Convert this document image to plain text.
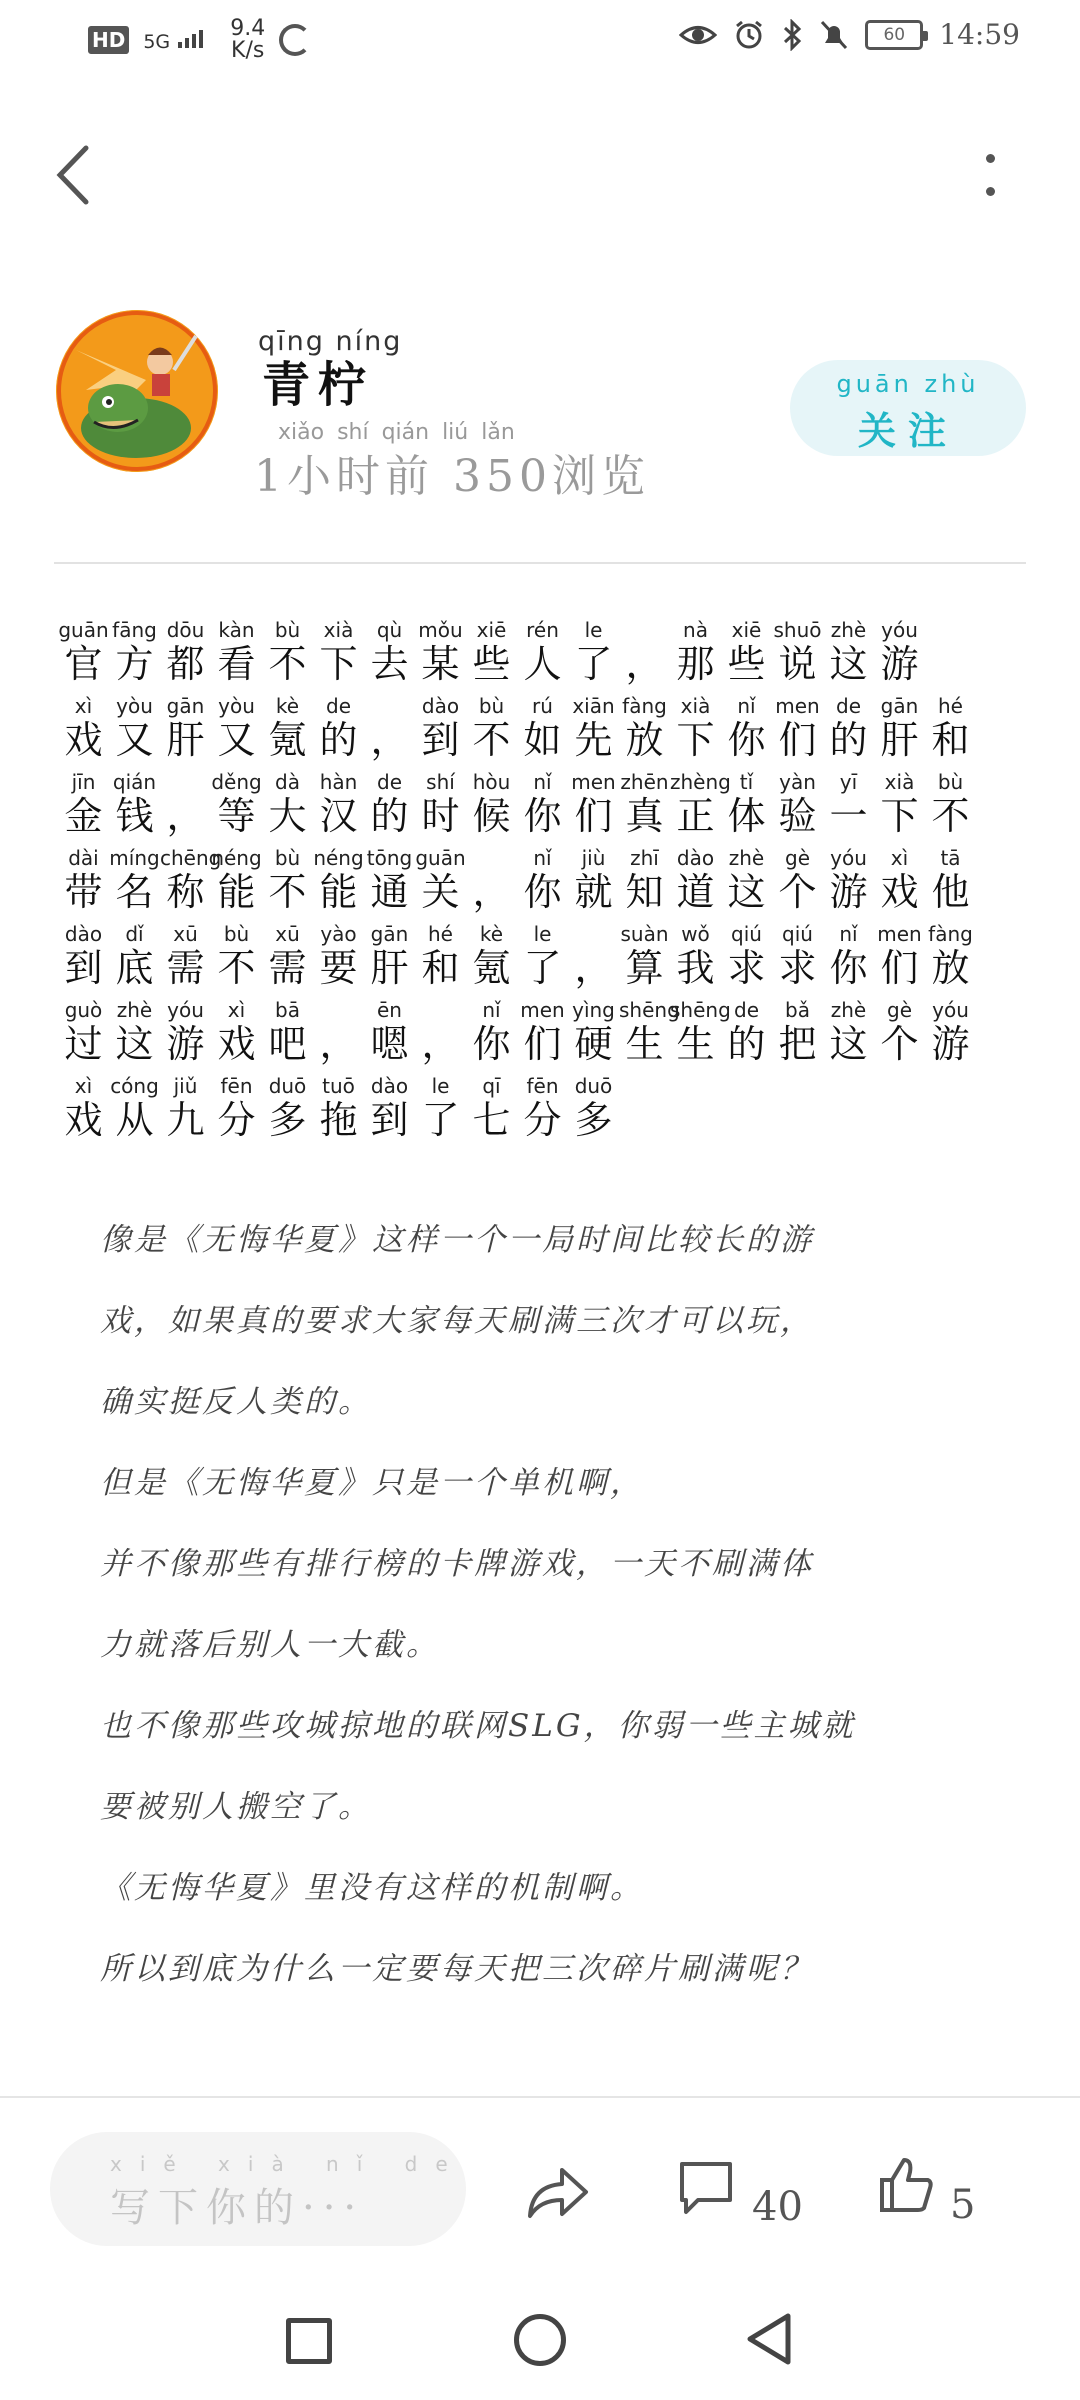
HD 5G
9.4
K/s
60	14:59
qīng níng
青柠
xiǎo shí qián liú lǎn
1小时前 350浏览
guān zhù
关注
guān
官
fāng
方
dōu
都
kàn
看
bù
不
xià
下
qù
去
mǒu
某
xiē
些
rén
人
le
了 ，
nà
那
xiē
些
shuō
说
zhè
这
yóu
游
xì
戏
yòu
又
gān
肝
yòu
又
kè
氪
de
的 ，
dào
到
bù
不
rú
如
xiān
先
fàng
放
xià
下
nǐ
你
men
们
de
的
gān
肝
hé
和
jīn
金
qián
钱 ，
děng
等
dà
大
hàn
汉
de
的
shí
时
hòu
候
nǐ
你
men
们
zhēn
真
zhèng
正
tǐ
体
yàn
验
yī
一
xià
下
bù
不
dài
带
míng
名
chēng
称
néng
能
bù
不
néng
能
tōng
通
guān
关 ，
nǐ
你
jiù
就
zhī
知
dào
道
zhè
这
gè
个
yóu
游
xì
戏
tā
他
dào
到
dǐ
底
xū
需
bù
不
xū
需
yào
要
gān
肝
hé
和
kè
氪
le
了 ，
suàn
算
wǒ
我
qiú
求
qiú
求
nǐ
你
men
们
fàng
放
guò
过
zhè
这
yóu
游
xì
戏
bā
吧 ，
ēn
嗯 ，
nǐ
你
men
们
yìng
硬
shēng
生
shēng
生
de
的
bǎ
把
zhè
这
gè
个
yóu
游
xì
戏
cóng
从
jiǔ
九
fēn
分
duō
多
tuō
拖
dào
到
le
了
qī
七
fēn
分
duō
多
像是《无悔华夏》这样一个一局时间比较长的游
戏，如果真的要求大家每天刷满三次才可以玩，
确实挺反人类的。
但是《无悔华夏》只是一个单机啊，
并不像那些有排行榜的卡牌游戏，一天不刷满体
力就落后别人一大截。
也不像那些攻城掠地的联网SLG，你弱一些主城就
要被别人搬空了。
《无悔华夏》里没有这样的机制啊。
所以到底为什么一定要每天把三次碎片刷满呢？
xiě xià nǐ de
写下你的···	40	5
